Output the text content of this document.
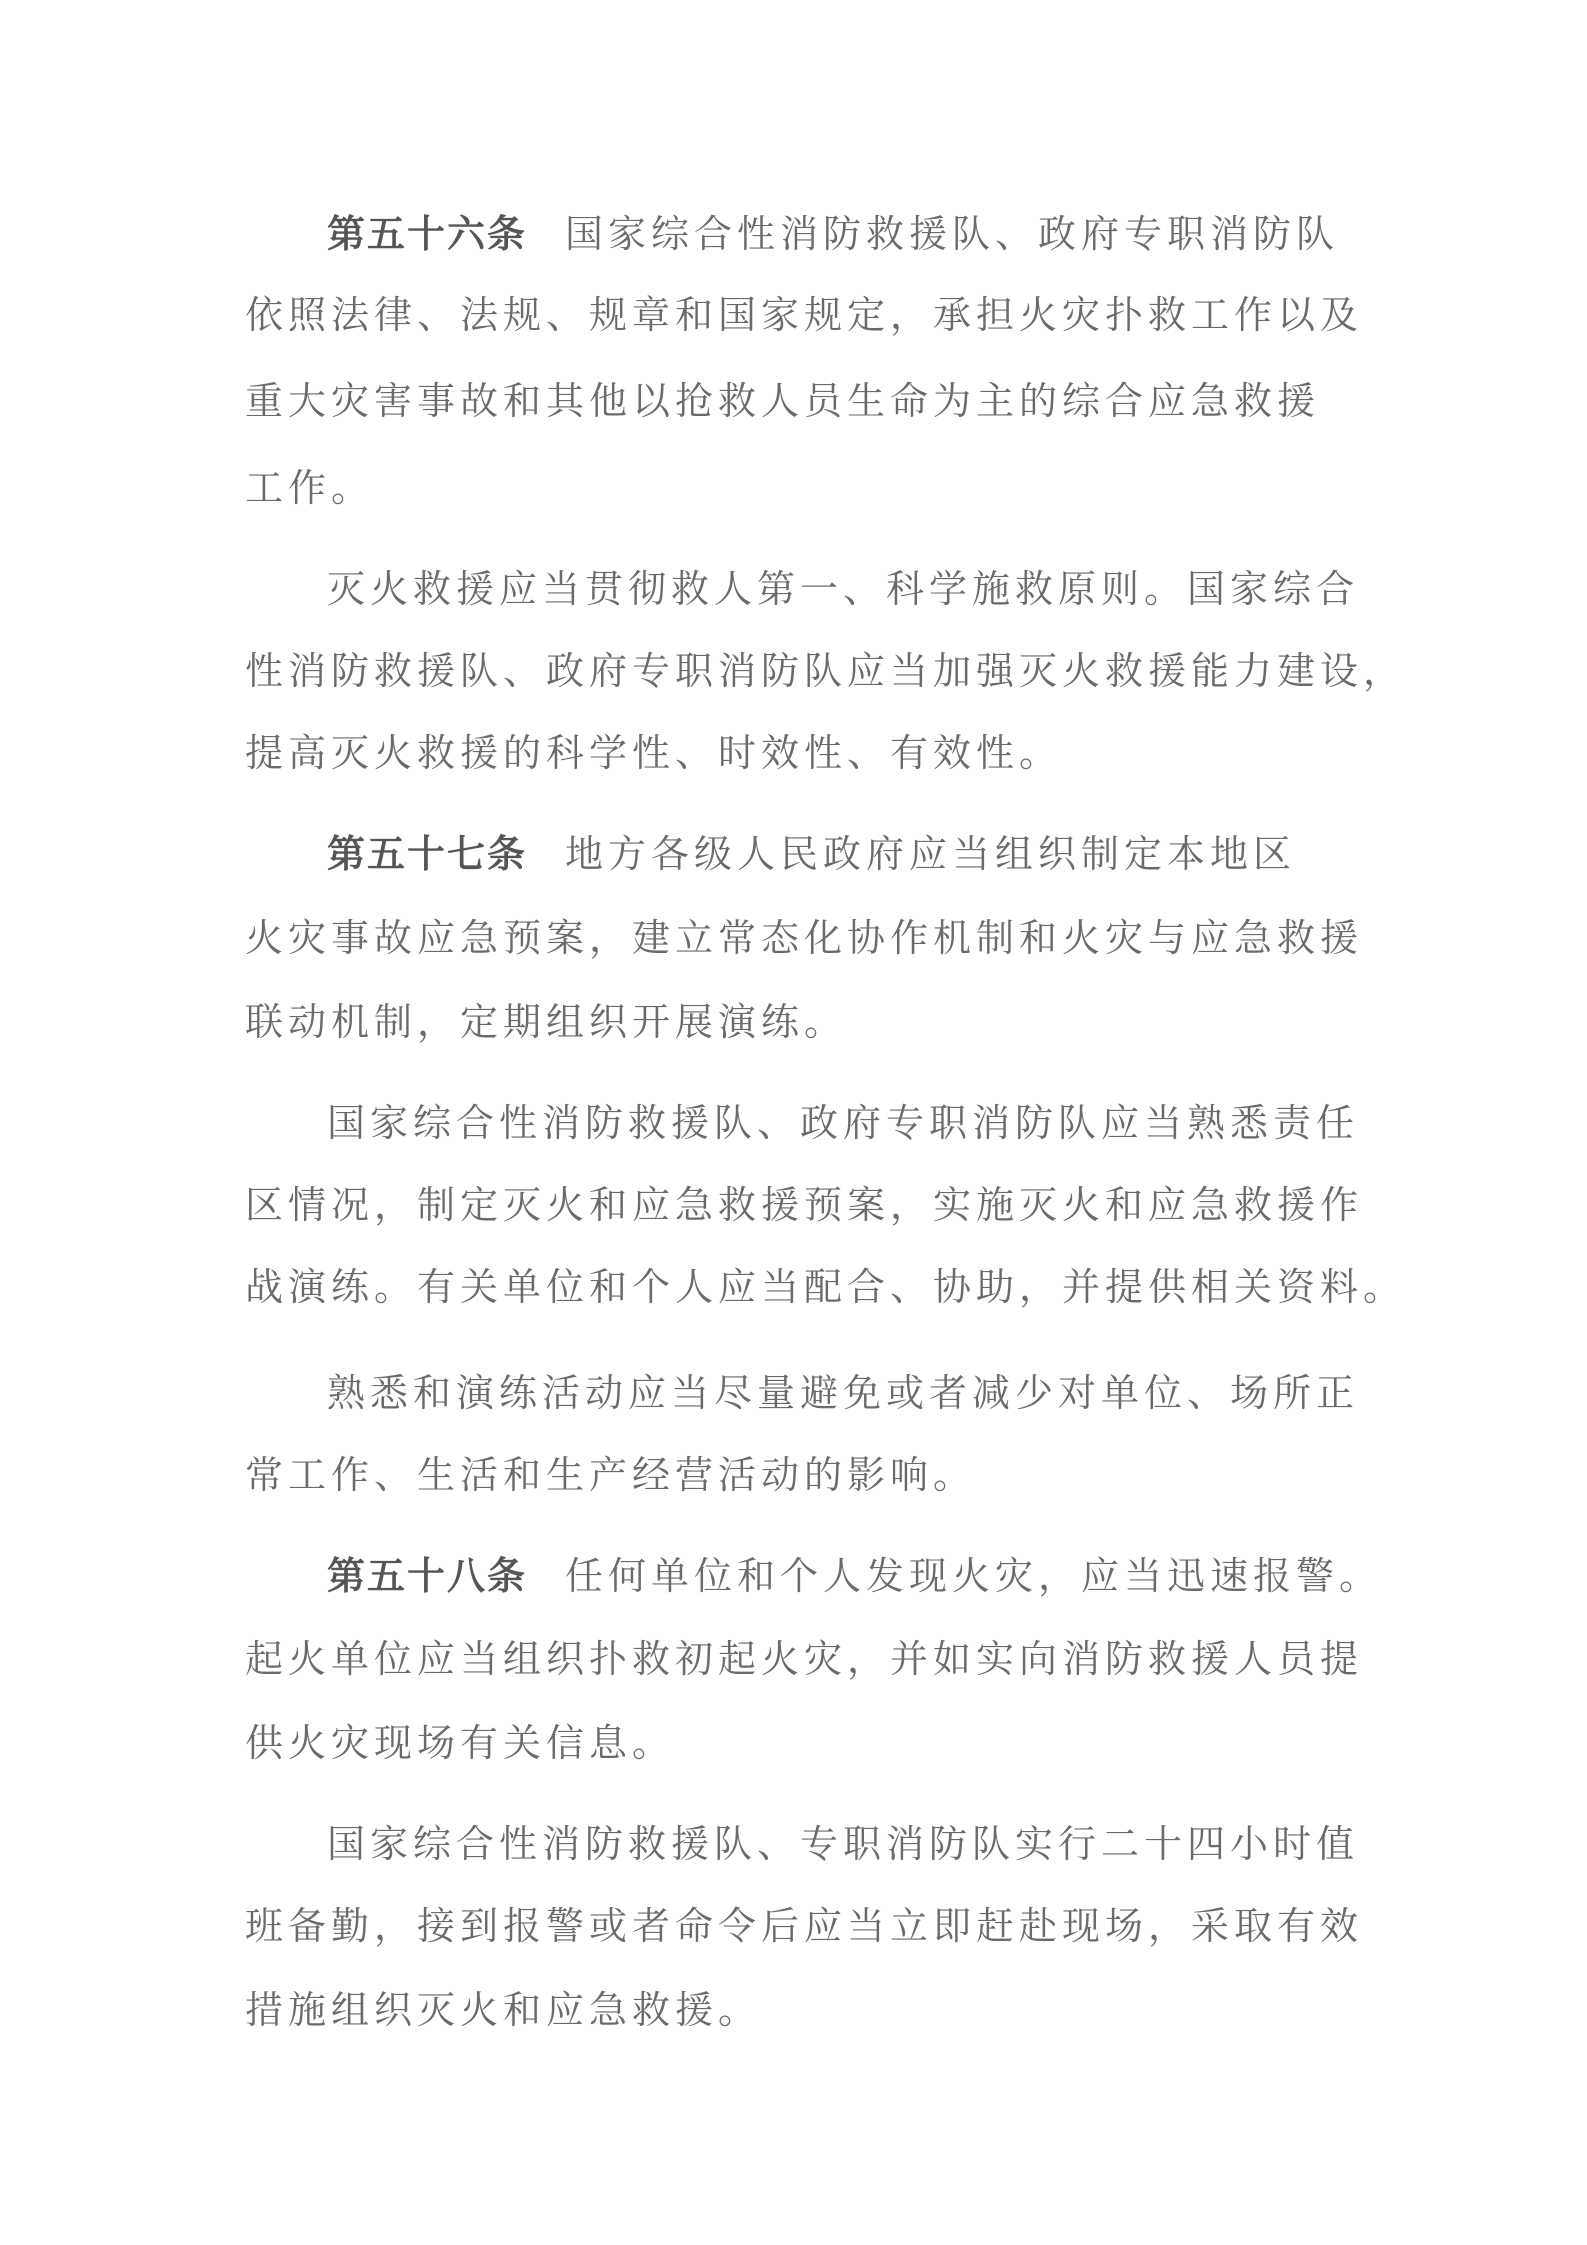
第五十六条 国家综合性消防救援队、政府专职消防队
依照法律、法规、规章和国家规定，承担火灾扑救工作以及
重大灾害事故和其他以抢救人员生命为主的综合应急救援
工作。
灭火救援应当贯彻救人第一、科学施救原则。国家综合
性消防救援队、政府专职消防队应当加强灭火救援能力建设，
提高灭火救援的科学性、时效性、有效性。
第五十七条 地方各级人民政府应当组织制定本地区
火灾事故应急预案，建立常态化协作机制和火灾与应急救援
联动机制，定期组织开展演练。
国家综合性消防救援队、政府专职消防队应当熟悉责任
区情况，制定灭火和应急救援预案，实施灭火和应急救援作
战演练。有关单位和个人应当配合、协助，并提供相关资料。
熟悉和演练活动应当尽量避免或者减少对单位、场所正
常工作、生活和生产经营活动的影响。
第五十八条 任何单位和个人发现火灾，应当迅速报警。
起火单位应当组织扑救初起火灾，并如实向消防救援人员提
供火灾现场有关信息。
国家综合性消防救援队、专职消防队实行二十四小时值
班备勤，接到报警或者命令后应当立即赶赴现场，采取有效
措施组织灭火和应急救援。
